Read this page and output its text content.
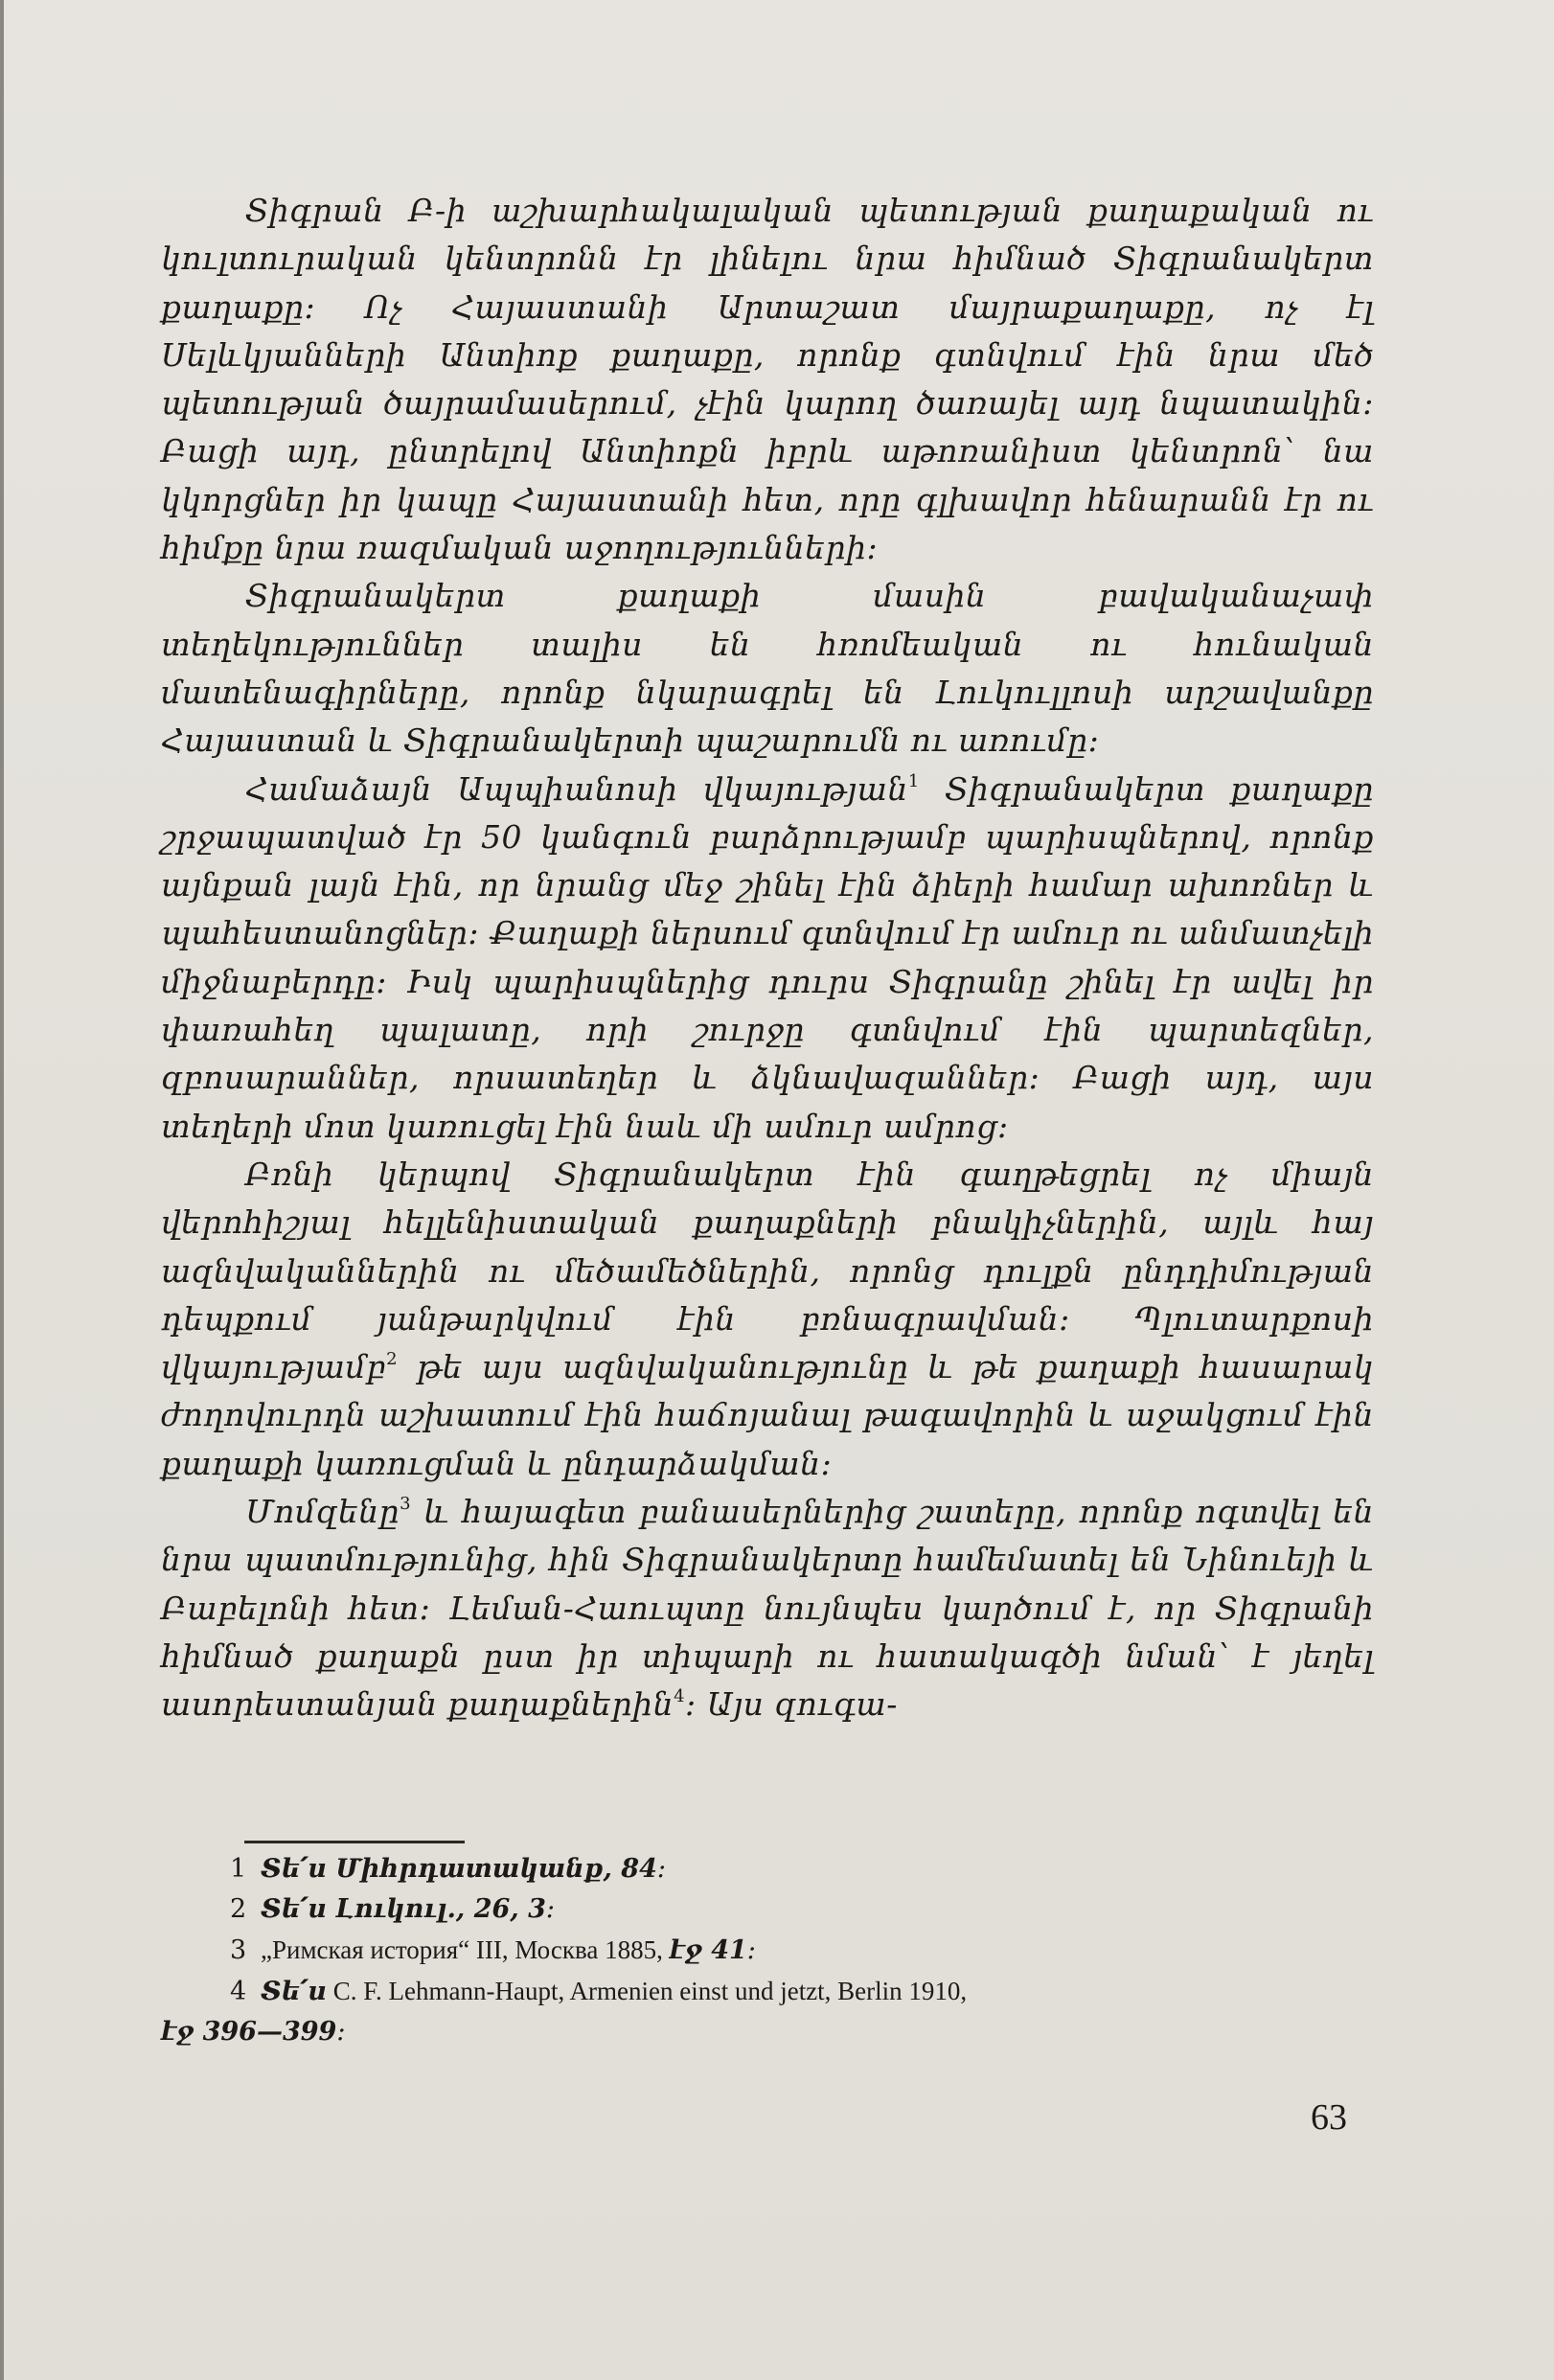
Տիգրան Բ-ի աշխարհակալական պետության քաղաքական ու կուլտուրական կենտրոնն էր լինելու նրա հիմնած Տիգրանակերտ քաղաքը։ Ոչ Հայաստանի Արտաշատ մայրաքաղաքը, ոչ էլ Սելևկյանների Անտիոք քաղաքը, որոնք գտնվում էին նրա մեծ պետության ծայրամասերում, չէին կարող ծառայել այդ նպատակին։ Բացի այդ, ընտրելով Անտիոքն իբրև աթոռանիստ կենտրոն՝ նա կկորցներ իր կապը Հայաստանի հետ, որը գլխավոր հենարանն էր ու հիմքը նրա ռազմական աջողությունների։

Տիգրանակերտ քաղաքի մասին բավականաչափ տեղեկություններ տալիս են հռոմեական ու հունական մատենագիրները, որոնք նկարագրել են Լուկուլլոսի արշավանքը Հայաստան և Տիգրանակերտի պաշարումն ու առումը։

Համաձայն Ապպիանոսի վկայության$^1$ Տիգրանակերտ քաղաքը շրջապատված էր 50 կանգուն բարձրությամբ պարիսպներով, որոնք այնքան լայն էին, որ նրանց մեջ շինել էին ձիերի համար ախոռներ և պահեստանոցներ։ Քաղաքի ներսում գտնվում էր ամուր ու անմատչելի միջնաբերդը։ Իսկ պարիսպներից դուրս Տիգրանը շինել էր ավել իր փառահեղ պալատը, որի շուրջը գտնվում էին պարտեզներ, զբոսարաններ, որսատեղեր և ձկնավազաններ։ Բացի այդ, այս տեղերի մոտ կառուցել էին նաև մի ամուր ամրոց։

Բռնի կերպով Տիգրանակերտ էին գաղթեցրել ոչ միայն վերոհիշյալ հելլենիստական քաղաքների բնակիչներին, այլև հայ ազնվականներին ու մեծամեծներին, որոնց դուլքն ընդդիմության դեպքում յանթարկվում էին բռնագրավման։ Պլուտարքոսի վկայությամբ$^2$ թե այս ազնվականությունը և թե քաղաքի հասարակ ժողովուրդն աշխատում էին հաճոյանալ թագավորին և աջակցում էին քաղաքի կառուցման և ընդարձակման։

Մոմզենը$^3$ և հայագետ բանասերներից շատերը, որոնք ոգտվել են նրա պատմությունից, հին Տիգրանակերտը համեմատել են Նինուեյի և Բաբելոնի հետ։ Լեման-Հաուպտը նույնպես կարծում է, որ Տիգրանի հիմնած քաղաքն ըստ իր տիպարի ու հատակագծի նման՝ է յեղել ասորեստանյան քաղաքներին$^4$։ Այս զուգա-

1 Տե՛ս Միհրդատականք, 84։

2 Տե՛ս Լուկուլ., 26, 3։

3 „Римская история“ III, Москва 1885, էջ 41։

4 Տե՛ս C. F. Lehmann-Haupt, Armenien einst und jetzt, Berlin 1910,
էջ 396—399։

63
